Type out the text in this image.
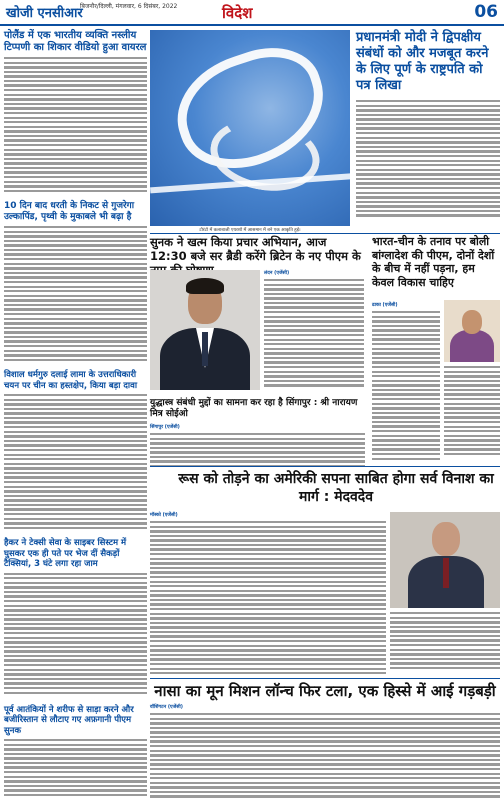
खोजी एनसीआर
बिजनौर/दिल्ली, मंगलवार, 6 दिसंबर, 2022	विदेश	06
पोलैंड में एक भारतीय व्यक्ति नस्लीय टिप्पणी का शिकार वीडियो हुआ वायरल
10 दिन बाद धरती के निकट से गुजरेगा उल्कापिंड, पृथ्वी के मुकाबले भी बढ़ा है
विशाल धर्मगुरु दलाई लामा के उत्तराधिकारी चयन पर चीन का हस्तक्षेप, किया बड़ा दावा
हैकर ने टेक्सी सेवा के साइबर सिस्टम में घुसकर एक ही पते पर भेज दीं सैकड़ों टैक्सियां, 3 घंटे लगा रहा जाम
पूर्व आतंकियों ने शरीफ से साड़ा करने और बजीरिस्तान से लौटाए गए अफ़गानी पीएम सुनक
टोरंटो में कलाबाजी एयरशो में आसमान में बने एक आकृति हुई।
प्रधानमंत्री मोदी ने द्विपक्षीय संबंधों को और मजबूत करने के लिए पूर्ण के राष्ट्रपति को पत्र लिखा
सुनक ने खत्म किया प्रचार अभियान, आज 12:30 बजे सर ब्रैडी करेंगे ब्रिटेन के नए पीएम के
लंदन (एजेंसी)
भारत-चीन के तनाव पर बोली बांग्लादेश की पीएम, दोनों देशों के बीच में नहीं पड़ना, हम केवल विकास चाहिए
ढाका (एजेंसी)
युद्धास्त्र संबंधी मुद्दों का सामना कर रहा है सिंगापुर : श्री नारायण मित्र सोईओ
सिंगापुर (एजेंसी)
रूस को तोड़ने का अमेरिकी सपना साबित होगा सर्व विनाश का मार्ग : मेदवदेव
मॉस्को (एजेंसी)
नासा का मून मिशन लॉन्च फिर टला, एक हिस्से में आई गड़बड़ी
वॉशिंगटन (एजेंसी)
